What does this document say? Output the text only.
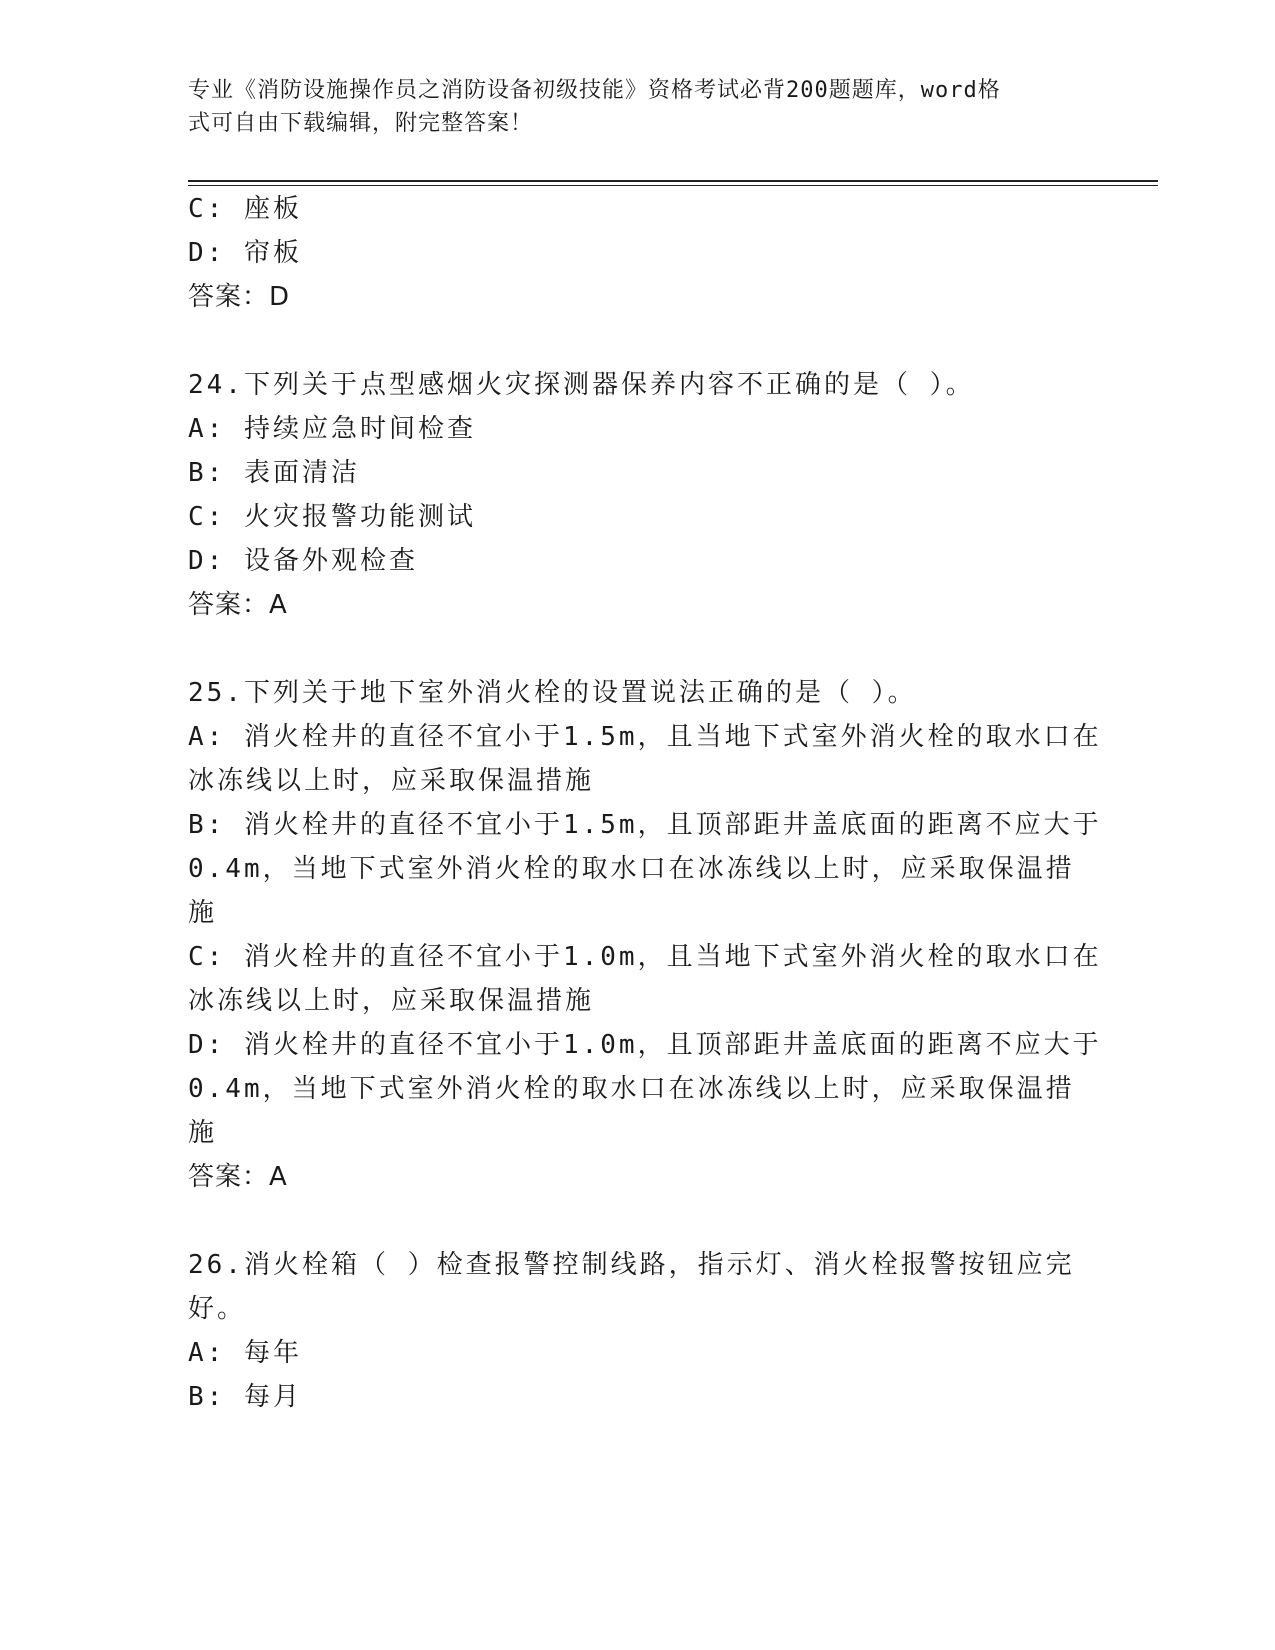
专业《消防设施操作员之消防设备初级技能》资格考试必背200题题库，word格
式可自由下载编辑，附完整答案！
C: 座板
D: 帘板
答案：D
24.下列关于点型感烟火灾探测器保养内容不正确的是（ ）。
A: 持续应急时间检查
B: 表面清洁
C: 火灾报警功能测试
D: 设备外观检查
答案：A
25.下列关于地下室外消火栓的设置说法正确的是（ ）。
A: 消火栓井的直径不宜小于1.5m，且当地下式室外消火栓的取水口在
冰冻线以上时，应采取保温措施
B: 消火栓井的直径不宜小于1.5m，且顶部距井盖底面的距离不应大于
0.4m，当地下式室外消火栓的取水口在冰冻线以上时，应采取保温措
施
C: 消火栓井的直径不宜小于1.0m，且当地下式室外消火栓的取水口在
冰冻线以上时，应采取保温措施
D: 消火栓井的直径不宜小于1.0m，且顶部距井盖底面的距离不应大于
0.4m，当地下式室外消火栓的取水口在冰冻线以上时，应采取保温措
施
答案：A
26.消火栓箱（ ）检查报警控制线路，指示灯、消火栓报警按钮应完
好。
A: 每年
B: 每月
